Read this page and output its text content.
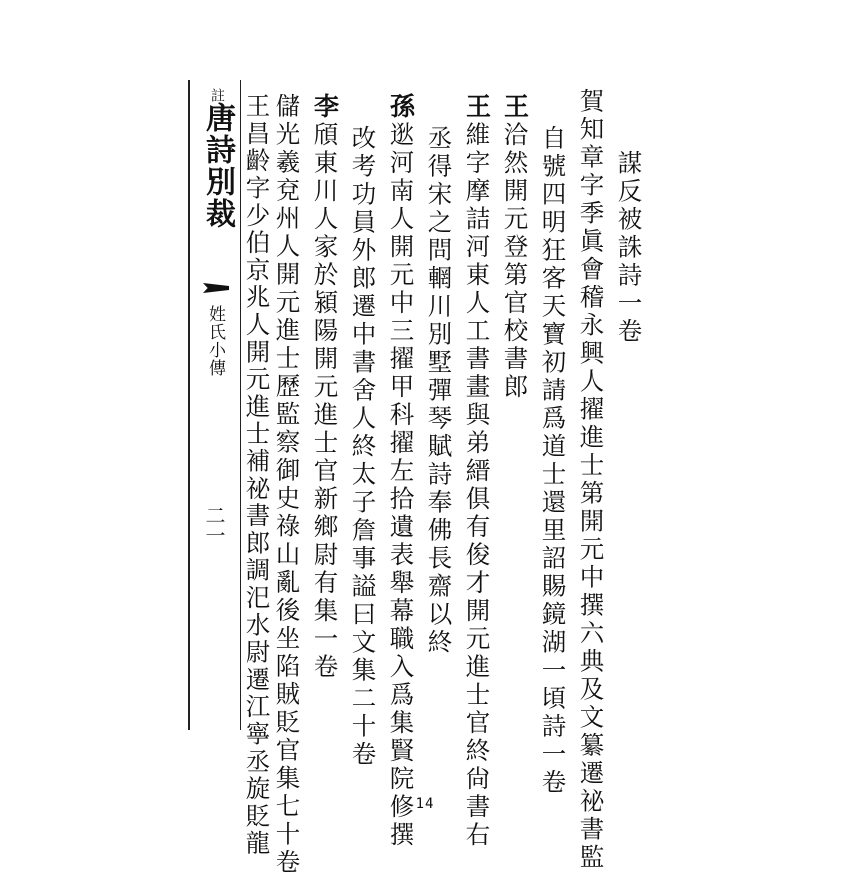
註唐詩別裁
姓氏小傳
二一
謀反被誅詩一卷
賀知章字季眞會稽永興人擢進士第開元中撰六典及文纂遷祕書監
自號四明狂客天寶初請爲道士還里詔賜鏡湖一頃詩一卷
王洽然開元登第官校書郎
王維字摩詰河東人工書畫與弟縉俱有俊才開元進士官終尙書右
丞得宋之問輞川別墅彈琴賦詩奉佛長齋以終
孫逖河南人開元中三擢甲科擢左拾遺表舉幕職入爲集賢院修撰
改考功員外郎遷中書舍人終太子詹事謚曰文集二十卷
李頎東川人家於潁陽開元進士官新鄉尉有集一卷
儲光羲兗州人開元進士歷監察御史祿山亂後坐陷賊貶官集七十卷
王昌齡字少伯京兆人開元進士補祕書郎調汜水尉遷江寧丞旋貶龍	14
